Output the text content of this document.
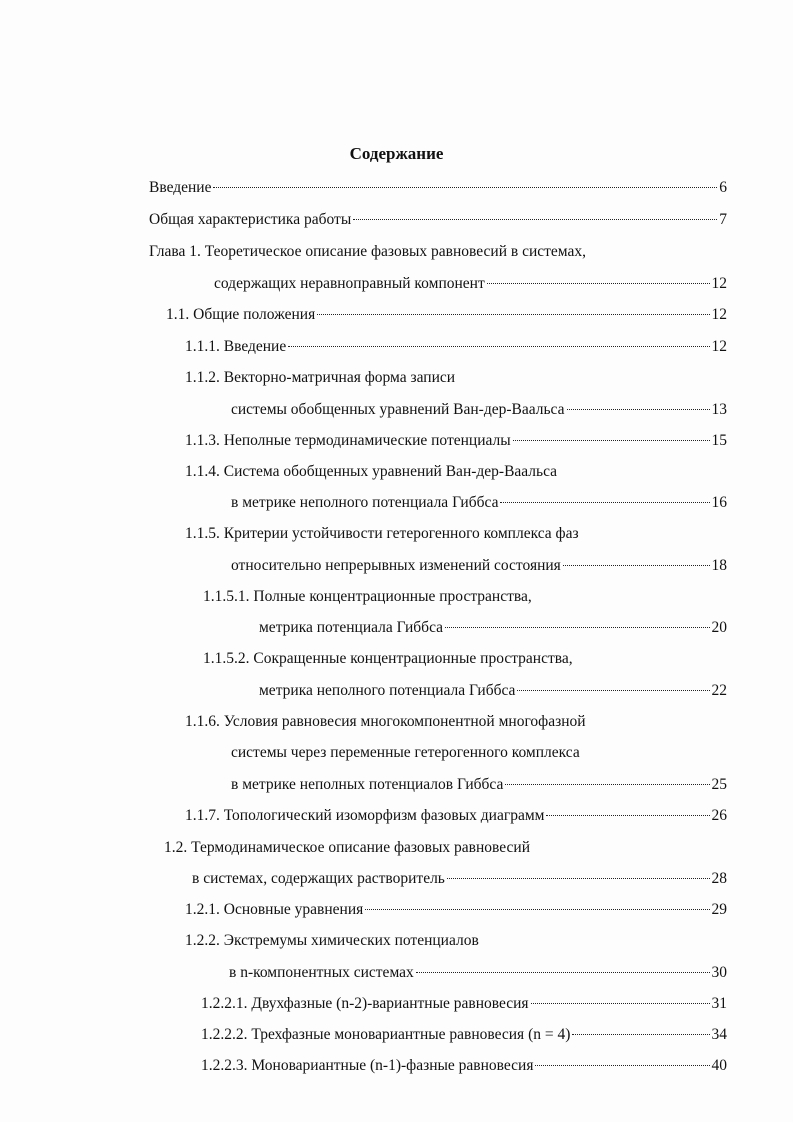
Содержание
Введение	6
Общая характеристика работы	7
Глава 1. Теоретическое описание фазовых равновесий в системах,
содержащих неравноправный компонент	12
1.1. Общие положения	12
1.1.1. Введение	12
1.1.2. Векторно-матричная форма записи
системы обобщенных уравнений Ван-дер-Ваальса	13
1.1.3. Неполные термодинамические потенциалы	15
1.1.4. Система обобщенных уравнений Ван-дер-Ваальса
в метрике неполного потенциала Гиббса	16
1.1.5. Критерии устойчивости гетерогенного комплекса фаз
относительно непрерывных изменений состояния	18
1.1.5.1. Полные концентрационные пространства,
метрика потенциала Гиббса	20
1.1.5.2. Сокращенные концентрационные пространства,
метрика неполного потенциала Гиббса	22
1.1.6. Условия равновесия многокомпонентной многофазной
системы через переменные гетерогенного комплекса
в метрике неполных потенциалов Гиббса	25
1.1.7. Топологический изоморфизм фазовых диаграмм	26
1.2. Термодинамическое описание фазовых равновесий
в системах, содержащих растворитель	28
1.2.1. Основные уравнения	29
1.2.2. Экстремумы химических потенциалов
в n-компонентных системах	30
1.2.2.1. Двухфазные (n-2)-вариантные равновесия	31
1.2.2.2. Трехфазные моновариантные равновесия (n = 4)	34
1.2.2.3. Моновариантные (n-1)-фазные равновесия	40
